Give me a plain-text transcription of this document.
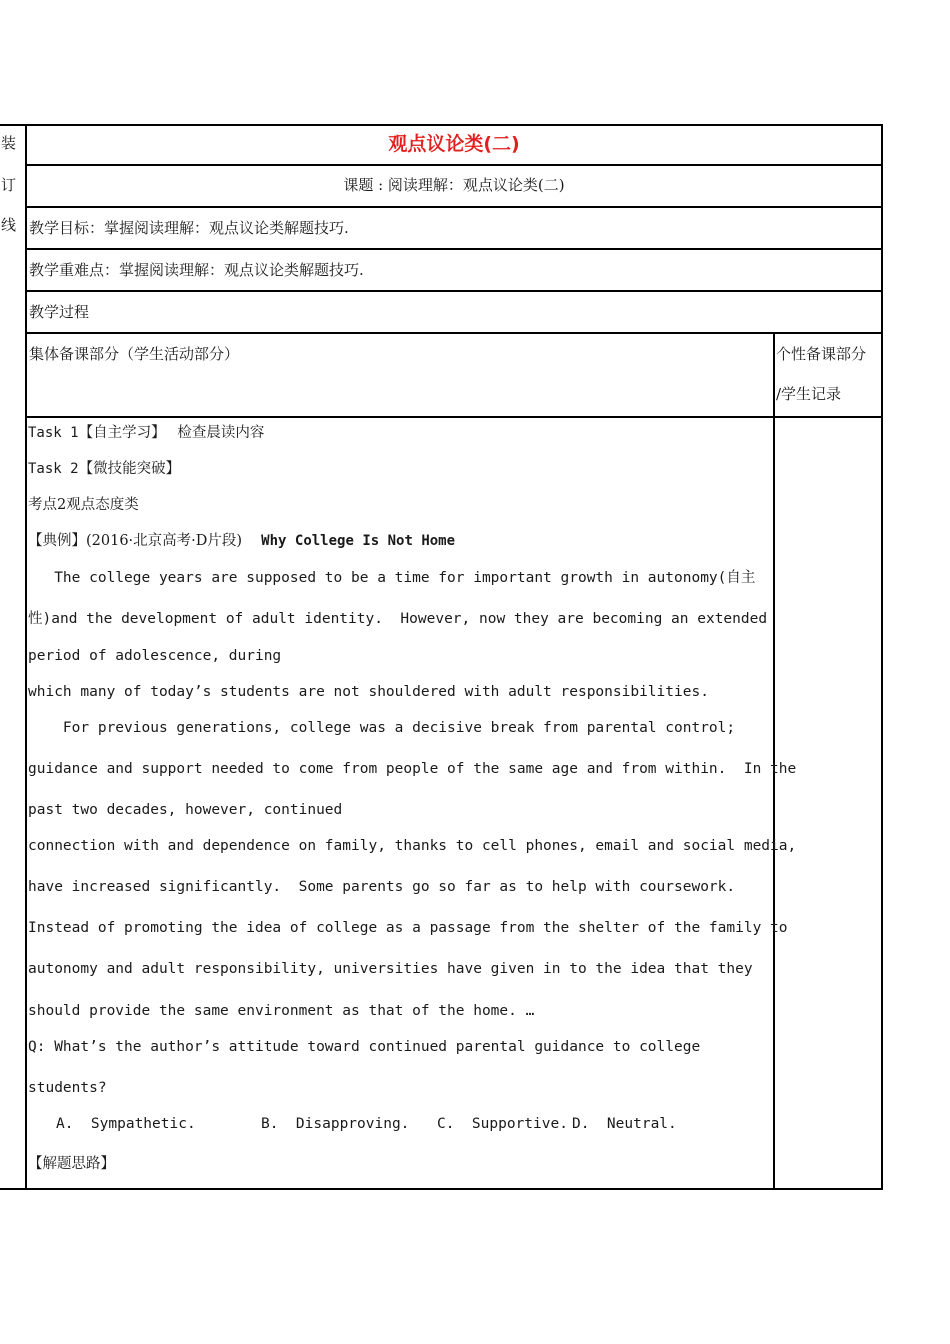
装
订
线
观点议论类(二)
课题 : 阅读理解：观点议论类(二)
教学目标：掌握阅读理解：观点议论类解题技巧.
教学重难点：掌握阅读理解：观点议论类解题技巧.
教学过程
集体备课部分（学生活动部分）	个性备课部分
/学生记录
Task 1【自主学习】　 检查晨读内容
Task 2【微技能突破】
考点2观点态度类
【典例】(2016·北京高考·D片段)　 Why College Is Not Home
The college years are supposed to be a time for important growth in autonomy(自主
性)and the development of adult identity.  However, now they are becoming an extended
period of adolescence, during
which many of today’s students are not shouldered with adult responsibilities.
For previous generations, college was a decisive break from parental control;
guidance and support needed to come from people of the same age and from within.  In the
past two decades, however, continued
connection with and dependence on family, thanks to cell phones, email and social media,
have increased significantly.  Some parents go so far as to help with coursework.
Instead of promoting the idea of college as a passage from the shelter of the family to
autonomy and adult responsibility, universities have given in to the idea that they
should provide the same environment as that of the home. …
Q: What’s the author’s attitude toward continued parental guidance to college
students?
A.  Sympathetic.	B.  Disapproving. C.  Supportive. D.  Neutral.
【解题思路】
